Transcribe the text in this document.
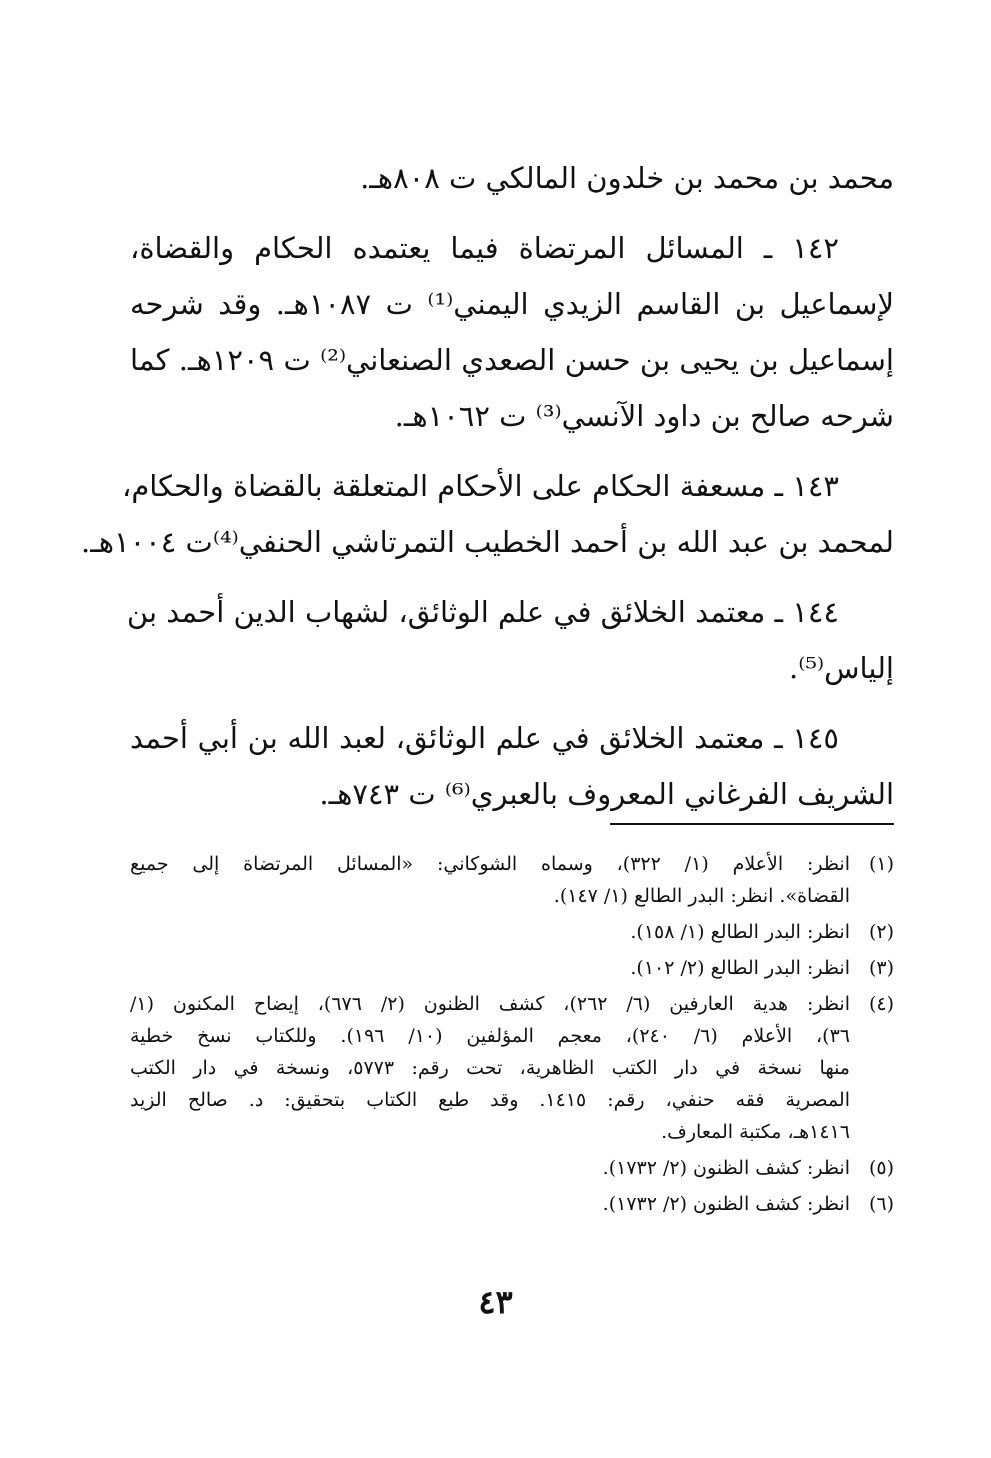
محمد بن محمد بن خلدون المالكي ت ٨٠٨هـ.
١٤٢ ـ المسائل المرتضاة فيما يعتمده الحكام والقضاة،
لإسماعيل بن القاسم الزيدي اليمني⁽¹⁾ ت ١٠٨٧هـ. وقد شرحه
إسماعيل بن يحيى بن حسن الصعدي الصنعاني⁽²⁾ ت ١٢٠٩هـ. كما
شرحه صالح بن داود الآنسي⁽³⁾ ت ١٠٦٢هـ.
١٤٣ ـ مسعفة الحكام على الأحكام المتعلقة بالقضاة والحكام،
لمحمد بن عبد الله بن أحمد الخطيب التمرتاشي الحنفي⁽⁴⁾ت ١٠٠٤هـ.
١٤٤ ـ معتمد الخلائق في علم الوثائق، لشهاب الدين أحمد بن
إلياس⁽⁵⁾.
١٤٥ ـ معتمد الخلائق في علم الوثائق، لعبد الله بن أبي أحمد
الشريف الفرغاني المعروف بالعبري⁽⁶⁾ ت ٧٤٣هـ.
(١)
انظر: الأعلام (١/ ٣٢٢)، وسماه الشوكاني: «المسائل المرتضاة إلى جميع
القضاة». انظر: البدر الطالع (١/ ١٤٧).
(٢)
انظر: البدر الطالع (١/ ١٥٨).
(٣)
انظر: البدر الطالع (٢/ ١٠٢).
(٤)
انظر: هدية العارفين (٦/ ٢٦٢)، كشف الظنون (٢/ ٦٧٦)، إيضاح المكنون (١/
٣٦)، الأعلام (٦/ ٢٤٠)، معجم المؤلفين (١٠/ ١٩٦). وللكتاب نسخ خطية
منها نسخة في دار الكتب الظاهرية، تحت رقم: ٥٧٧٣، ونسخة في دار الكتب
المصرية فقه حنفي، رقم: ١٤١٥. وقد طبع الكتاب بتحقيق: د. صالح الزيد
١٤١٦هـ، مكتبة المعارف.
(٥)
انظر: كشف الظنون (٢/ ١٧٣٢).
(٦)
انظر: كشف الظنون (٢/ ١٧٣٢).
٤٣
